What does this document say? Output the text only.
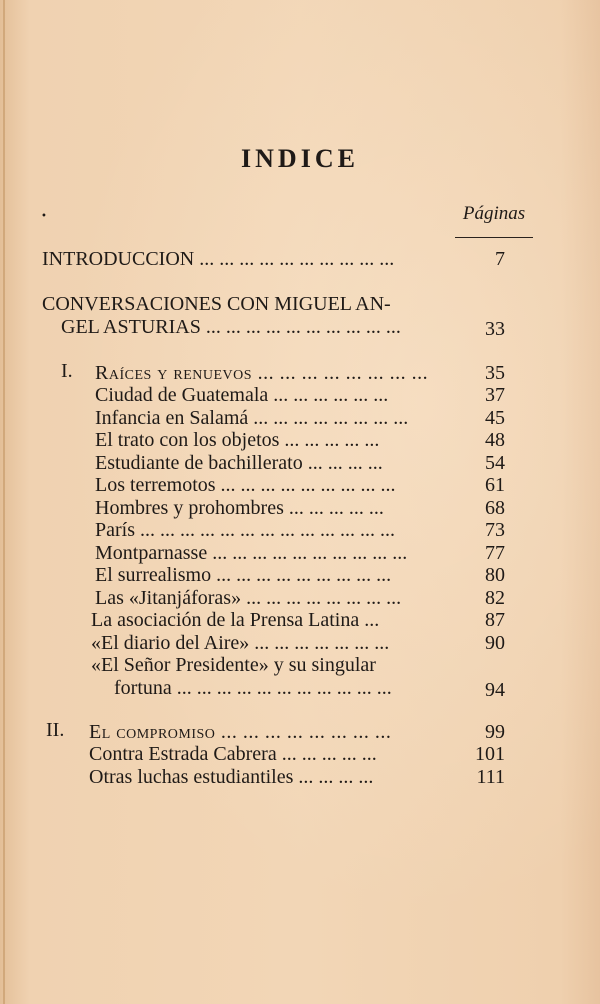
INDICE
•	Páginas
INTRODUCCION ... ... ... ... ... ... ... ... ... ...	7
CONVERSACIONES CON MIGUEL AN-
GEL ASTURIAS ... ... ... ... ... ... ... ... ... ...	33
I. Raíces y renuevos ... ... ... ... ... ... ... ...	35
Ciudad de Guatemala ... ... ... ... ... ...	37
Infancia en Salamá ... ... ... ... ... ... ... ...	45
El trato con los objetos ... ... ... ... ...	48
Estudiante de bachillerato ... ... ... ...	54
Los terremotos ... ... ... ... ... ... ... ... ...	61
Hombres y prohombres ... ... ... ... ...	68
París ... ... ... ... ... ... ... ... ... ... ... ... ...	73
Montparnasse ... ... ... ... ... ... ... ... ... ...	77
El surrealismo ... ... ... ... ... ... ... ... ...	80
Las «Jitanjáforas» ... ... ... ... ... ... ... ...	82
La asociación de la Prensa Latina ...	87
«El diario del Aire» ... ... ... ... ... ... ...	90
«El Señor Presidente» y su singular
fortuna ... ... ... ... ... ... ... ... ... ... ...	94
II. El compromiso ... ... ... ... ... ... ... ...	99
Contra Estrada Cabrera ... ... ... ... ...	101
Otras luchas estudiantiles ... ... ... ...	111
